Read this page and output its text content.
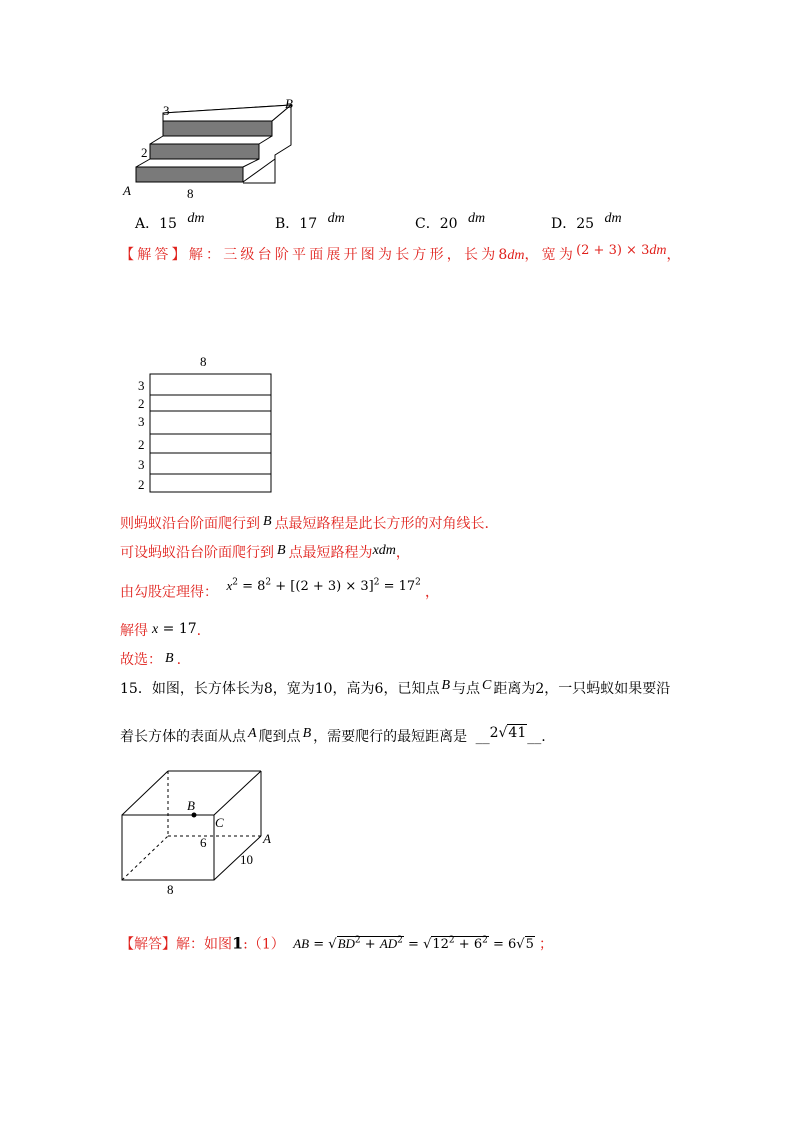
3
2
8
A
B
A．15 dm	B．17 dm	C．20 dm	D．25 dm
【解答】解：三级台阶平面展开图为长方形，长为8dm，宽为(2 + 3) × 3dm，
8
3
2
3
2
3
2
则蚂蚁沿台阶面爬行到 B 点最短路程是此长方形的对角线长.
可设蚂蚁沿台阶面爬行到 B 点最短路程为xdm，
由勾股定理得： $x^2 = 8^2 + [(2 + 3) \times 3]^2 = 17^2$ ，
解得 x = 17.
故选： B .
15．如图，长方体长为8，宽为10，高为6，已知点 B 与点 C 距离为2，一只蚂蚁如果要沿
着长方体的表面从点 A 爬到点 B ，需要爬行的最短距离是 __2√41__.
B
C
A
6
10
8
【解答】解：如图1:（1） AB = $√BD^2 + AD^2 = √12^2 + 6^2 = 6√5$ ；
